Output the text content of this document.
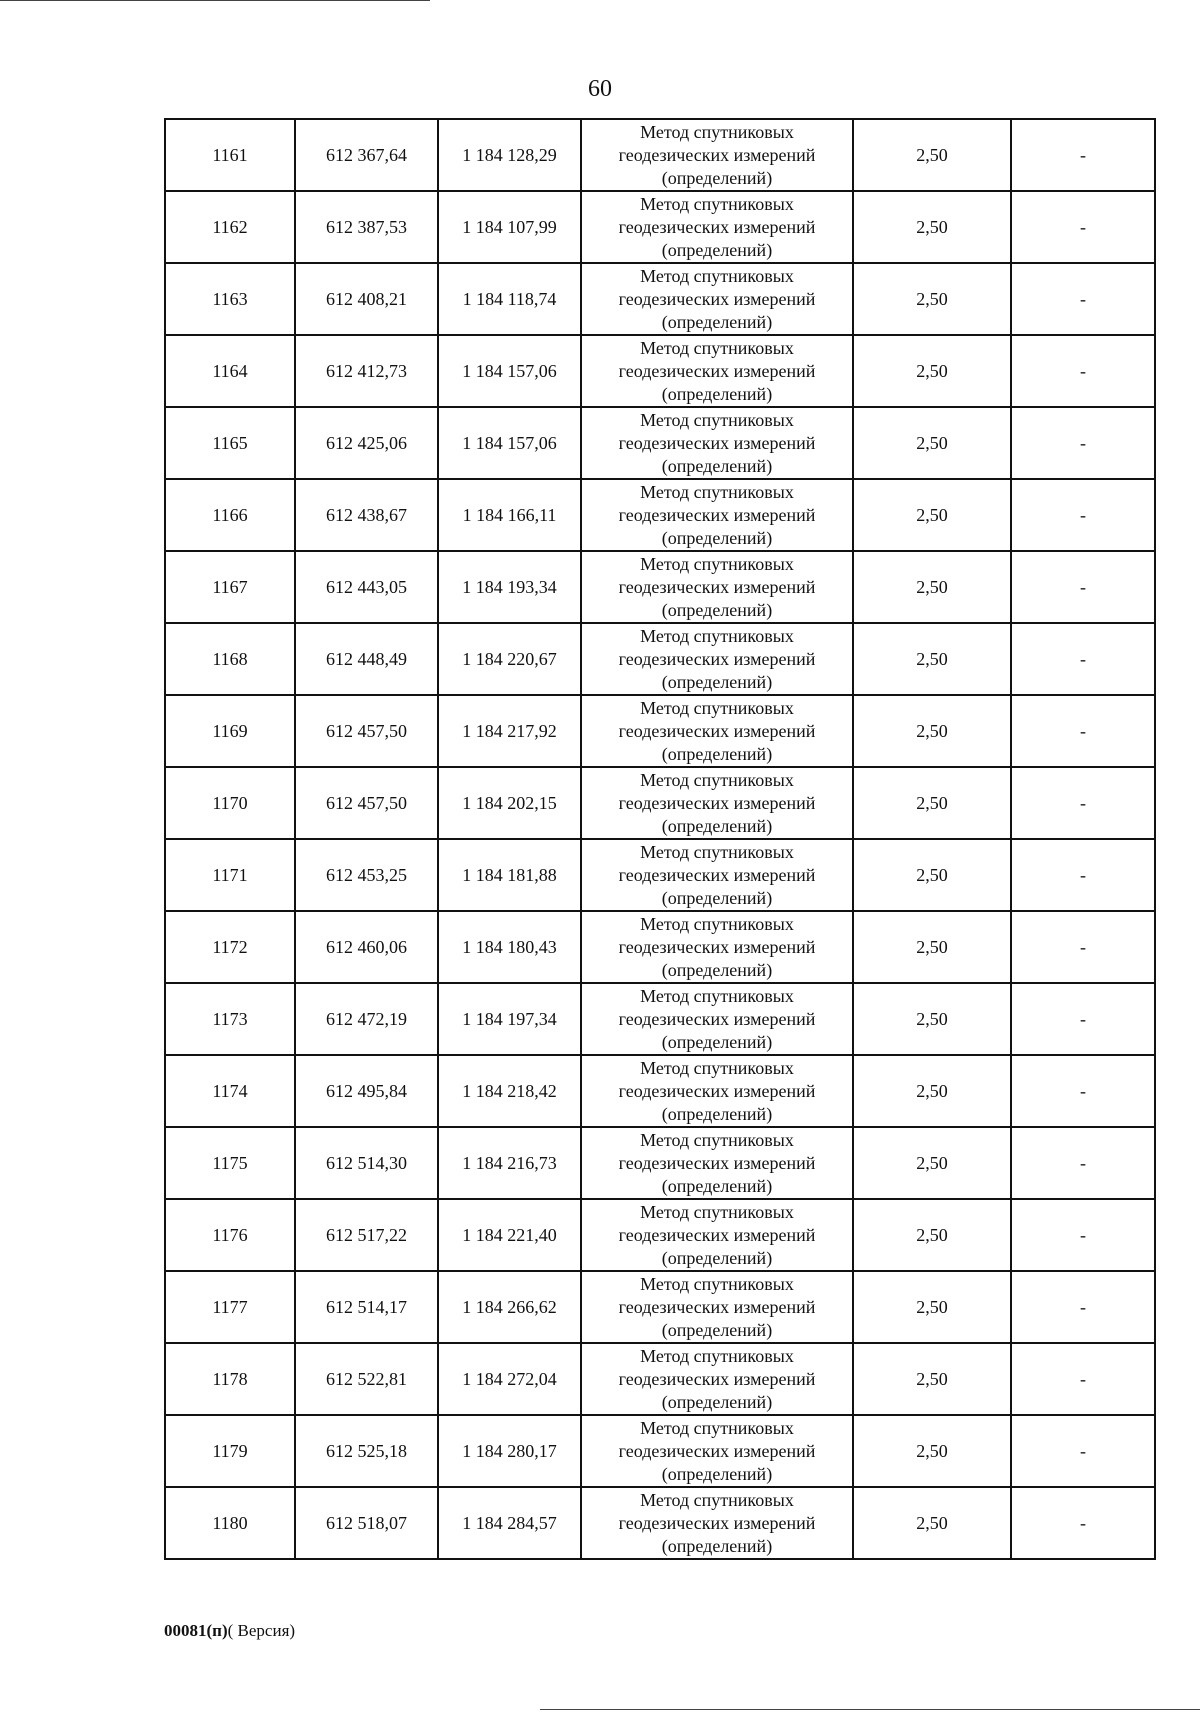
60
1161	612 367,64	1 184 128,29	Метод спутниковых
геодезических измерений
(определений)	2,50	-
1162	612 387,53	1 184 107,99	Метод спутниковых
геодезических измерений
(определений)	2,50	-
1163	612 408,21	1 184 118,74	Метод спутниковых
геодезических измерений
(определений)	2,50	-
1164	612 412,73	1 184 157,06	Метод спутниковых
геодезических измерений
(определений)	2,50	-
1165	612 425,06	1 184 157,06	Метод спутниковых
геодезических измерений
(определений)	2,50	-
1166	612 438,67	1 184 166,11	Метод спутниковых
геодезических измерений
(определений)	2,50	-
1167	612 443,05	1 184 193,34	Метод спутниковых
геодезических измерений
(определений)	2,50	-
1168	612 448,49	1 184 220,67	Метод спутниковых
геодезических измерений
(определений)	2,50	-
1169	612 457,50	1 184 217,92	Метод спутниковых
геодезических измерений
(определений)	2,50	-
1170	612 457,50	1 184 202,15	Метод спутниковых
геодезических измерений
(определений)	2,50	-
1171	612 453,25	1 184 181,88	Метод спутниковых
геодезических измерений
(определений)	2,50	-
1172	612 460,06	1 184 180,43	Метод спутниковых
геодезических измерений
(определений)	2,50	-
1173	612 472,19	1 184 197,34	Метод спутниковых
геодезических измерений
(определений)	2,50	-
1174	612 495,84	1 184 218,42	Метод спутниковых
геодезических измерений
(определений)	2,50	-
1175	612 514,30	1 184 216,73	Метод спутниковых
геодезических измерений
(определений)	2,50	-
1176	612 517,22	1 184 221,40	Метод спутниковых
геодезических измерений
(определений)	2,50	-
1177	612 514,17	1 184 266,62	Метод спутниковых
геодезических измерений
(определений)	2,50	-
1178	612 522,81	1 184 272,04	Метод спутниковых
геодезических измерений
(определений)	2,50	-
1179	612 525,18	1 184 280,17	Метод спутниковых
геодезических измерений
(определений)	2,50	-
1180	612 518,07	1 184 284,57	Метод спутниковых
геодезических измерений
(определений)	2,50	-
00081(п)( Версия)
